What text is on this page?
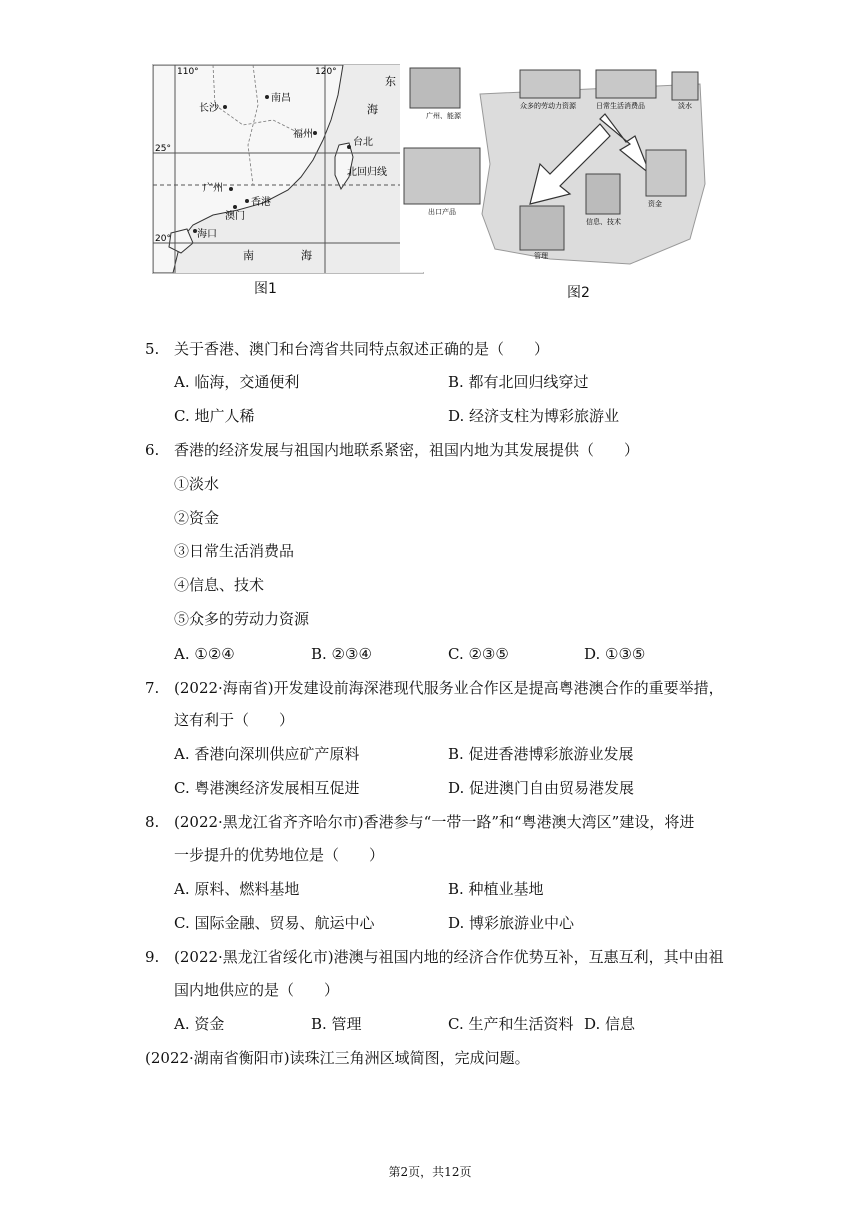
110°	120°
25°
20°
长沙
南昌
福州
台北
广州
香港
澳门
海口
北回归线
东
海
南	海
图1
众多的劳动力资源	日常生活消费品	淡水
广州、能源
出口产品
信息、技术
资金
管理
图2
5. 关于香港、澳门和台湾省共同特点叙述正确的是（　　）
A. 临海，交通便利	B. 都有北回归线穿过
C. 地广人稀	D. 经济支柱为博彩旅游业
6. 香港的经济发展与祖国内地联系紧密，祖国内地为其发展提供（　　）
①淡水
②资金
③日常生活消费品
④信息、技术
⑤众多的劳动力资源
A. ①②④	B. ②③④	C. ②③⑤	D. ①③⑤
7. (2022·海南省)开发建设前海深港现代服务业合作区是提高粤港澳合作的重要举措，
这有利于（　　）
A. 香港向深圳供应矿产原料	B. 促进香港博彩旅游业发展
C. 粤港澳经济发展相互促进	D. 促进澳门自由贸易港发展
8. (2022·黑龙江省齐齐哈尔市)香港参与“一带一路”和“粤港澳大湾区”建设，将进
一步提升的优势地位是（　　）
A. 原料、燃料基地	B. 种植业基地
C. 国际金融、贸易、航运中心	D. 博彩旅游业中心
9. (2022·黑龙江省绥化市)港澳与祖国内地的经济合作优势互补，互惠互利，其中由祖
国内地供应的是（　　）
A. 资金	B. 管理	C. 生产和生活资料 D. 信息
(2022·湖南省衡阳市)读珠江三角洲区域简图，完成问题。
第2页，共12页
